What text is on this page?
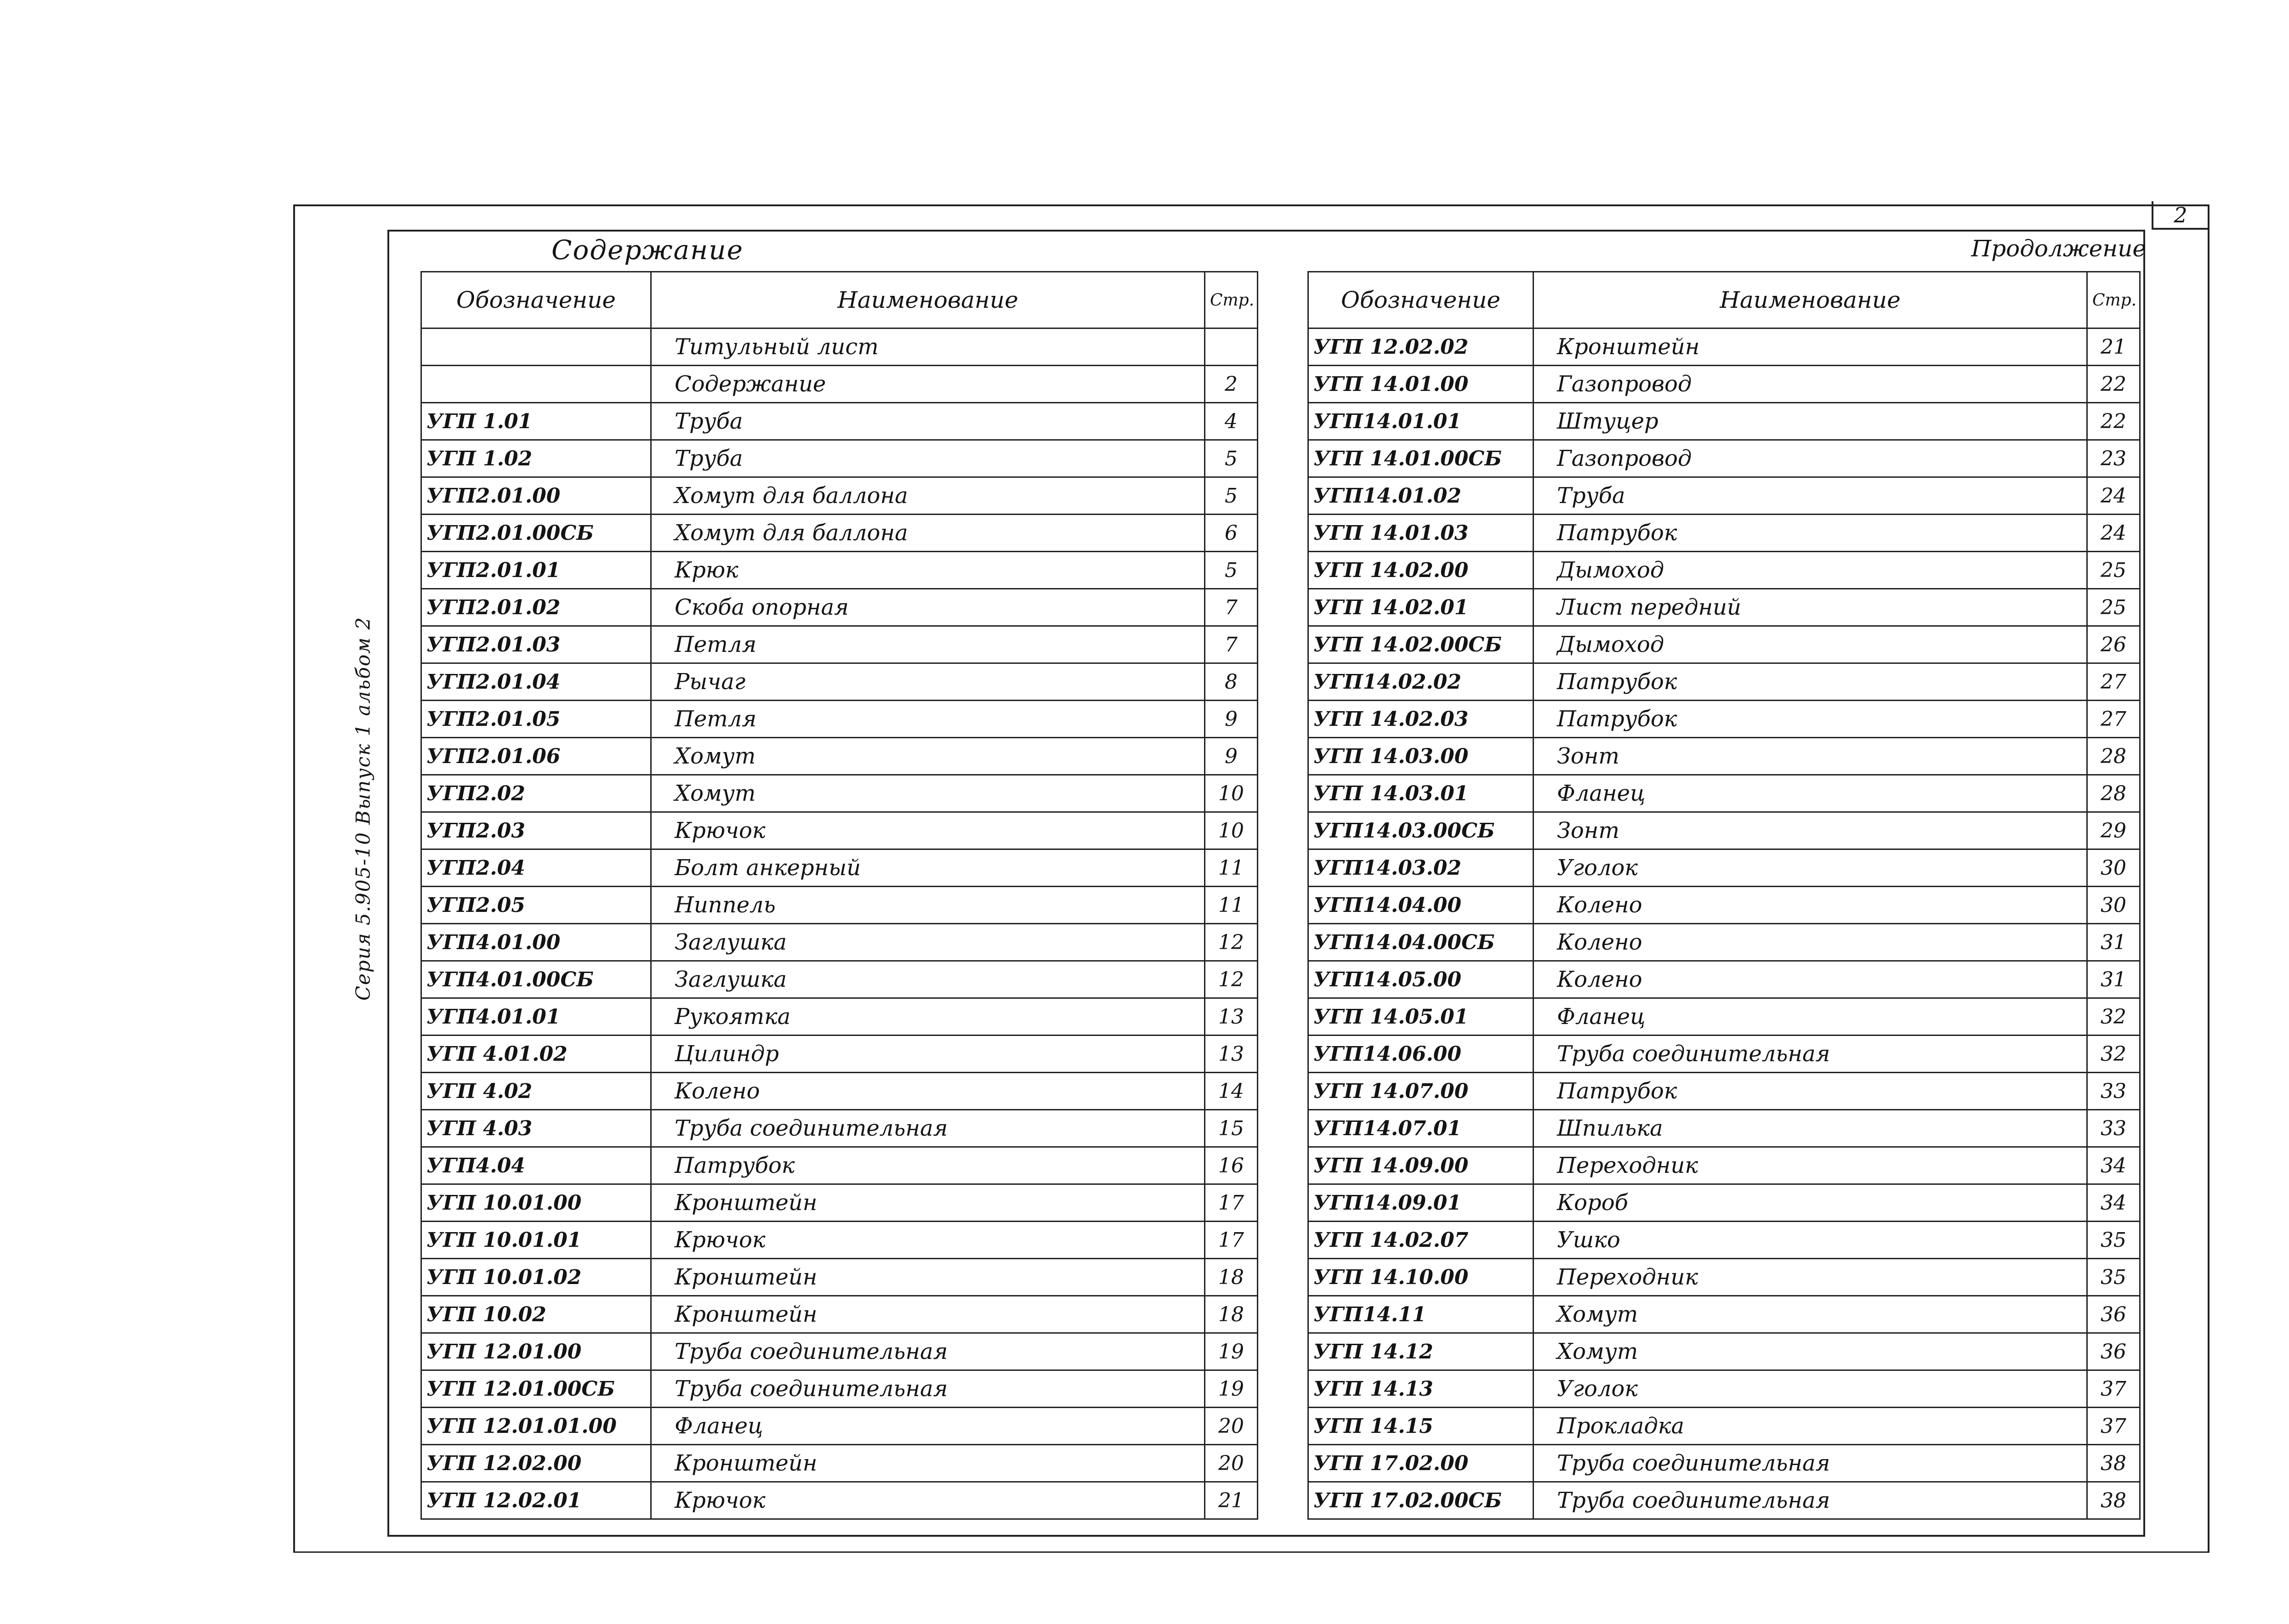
2
Содержание	Продолжение
Серия 5.905-10 Выпуск 1 альбом 2
Обозначение	Наименование	Стр.
	Титульный лист	
	Содержание	2
УГП 1.01	Труба	4
УГП 1.02	Труба	5
УГП2.01.00	Хомут для баллона	5
УГП2.01.00СБ	Хомут для баллона	6
УГП2.01.01	Крюк	5
УГП2.01.02	Скоба опорная	7
УГП2.01.03	Петля	7
УГП2.01.04	Рычаг	8
УГП2.01.05	Петля	9
УГП2.01.06	Хомут	9
УГП2.02	Хомут	10
УГП2.03	Крючок	10
УГП2.04	Болт анкерный	11
УГП2.05	Ниппель	11
УГП4.01.00	Заглушка	12
УГП4.01.00СБ	Заглушка	12
УГП4.01.01	Рукоятка	13
УГП 4.01.02	Цилиндр	13
УГП 4.02	Колено	14
УГП 4.03	Труба соединительная	15
УГП4.04	Патрубок	16
УГП 10.01.00	Кронштейн	17
УГП 10.01.01	Крючок	17
УГП 10.01.02	Кронштейн	18
УГП 10.02	Кронштейн	18
УГП 12.01.00	Труба соединительная	19
УГП 12.01.00СБ	Труба соединительная	19
УГП 12.01.01.00	Фланец	20
УГП 12.02.00	Кронштейн	20
УГП 12.02.01	Крючок	21
Обозначение	Наименование	Стр.
УГП 12.02.02	Кронштейн	21
УГП 14.01.00	Газопровод	22
УГП14.01.01	Штуцер	22
УГП 14.01.00СБ	Газопровод	23
УГП14.01.02	Труба	24
УГП 14.01.03	Патрубок	24
УГП 14.02.00	Дымоход	25
УГП 14.02.01	Лист передний	25
УГП 14.02.00СБ	Дымоход	26
УГП14.02.02	Патрубок	27
УГП 14.02.03	Патрубок	27
УГП 14.03.00	Зонт	28
УГП 14.03.01	Фланец	28
УГП14.03.00СБ	Зонт	29
УГП14.03.02	Уголок	30
УГП14.04.00	Колено	30
УГП14.04.00СБ	Колено	31
УГП14.05.00	Колено	31
УГП 14.05.01	Фланец	32
УГП14.06.00	Труба соединительная	32
УГП 14.07.00	Патрубок	33
УГП14.07.01	Шпилька	33
УГП 14.09.00	Переходник	34
УГП14.09.01	Короб	34
УГП 14.02.07	Ушко	35
УГП 14.10.00	Переходник	35
УГП14.11	Хомут	36
УГП 14.12	Хомут	36
УГП 14.13	Уголок	37
УГП 14.15	Прокладка	37
УГП 17.02.00	Труба соединительная	38
УГП 17.02.00СБ	Труба соединительная	38
